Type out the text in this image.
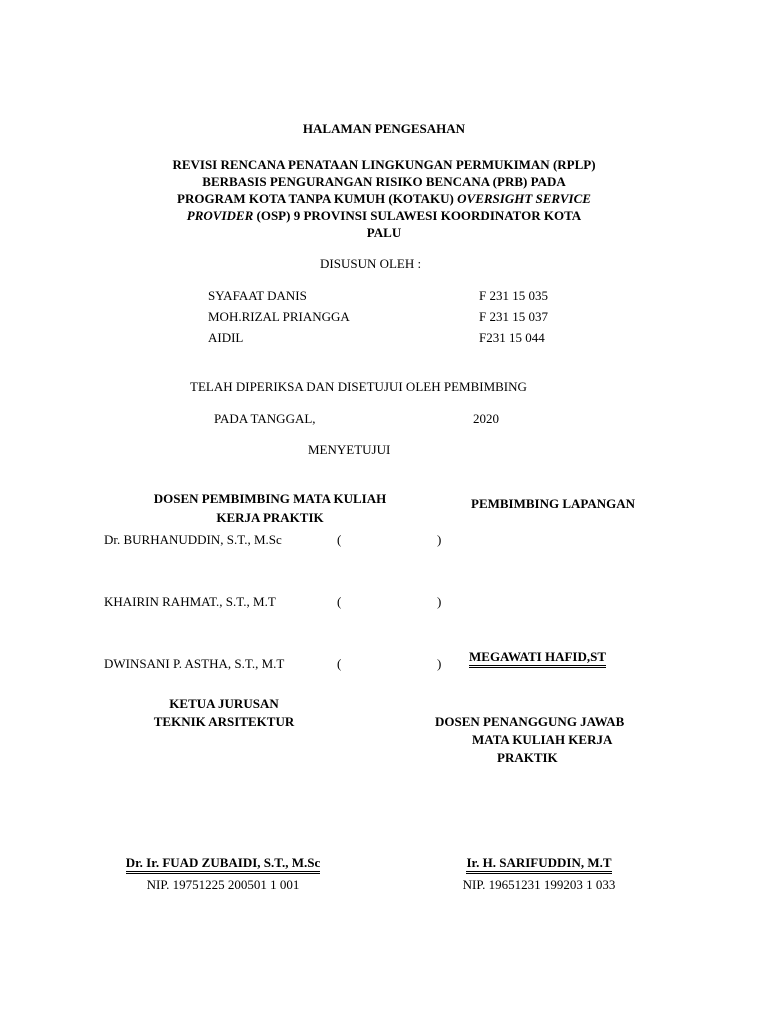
HALAMAN PENGESAHAN
REVISI RENCANA PENATAAN LINGKUNGAN PERMUKIMAN (RPLP)
BERBASIS PENGURANGAN RISIKO BENCANA (PRB) PADA
PROGRAM KOTA TANPA KUMUH (KOTAKU) OVERSIGHT SERVICE
PROVIDER (OSP) 9 PROVINSI SULAWESI KOORDINATOR KOTA
PALU
DISUSUN OLEH :
SYAFAAT DANIS	F 231 15 035
MOH.RIZAL PRIANGGA	F 231 15 037
AIDIL	F231 15 044
TELAH DIPERIKSA DAN DISETUJUI OLEH PEMBIMBING
PADA TANGGAL,	2020
MENYETUJUI
DOSEN PEMBIMBING MATA KULIAH
KERJA PRAKTIK
PEMBIMBING LAPANGAN
Dr. BURHANUDDIN, S.T., M.Sc	(	)
KHAIRIN RAHMAT., S.T., M.T	(	)
DWINSANI P. ASTHA, S.T., M.T	(	) MEGAWATI HAFID,ST
KETUA JURUSAN
TEKNIK ARSITEKTUR	DOSEN PENANGGUNG JAWAB
MATA KULIAH KERJA
PRAKTIK
Dr. Ir. FUAD ZUBAIDI, S.T., M.Sc
NIP. 19751225 200501 1 001
Ir. H. SARIFUDDIN, M.T
NIP. 19651231 199203 1 033
